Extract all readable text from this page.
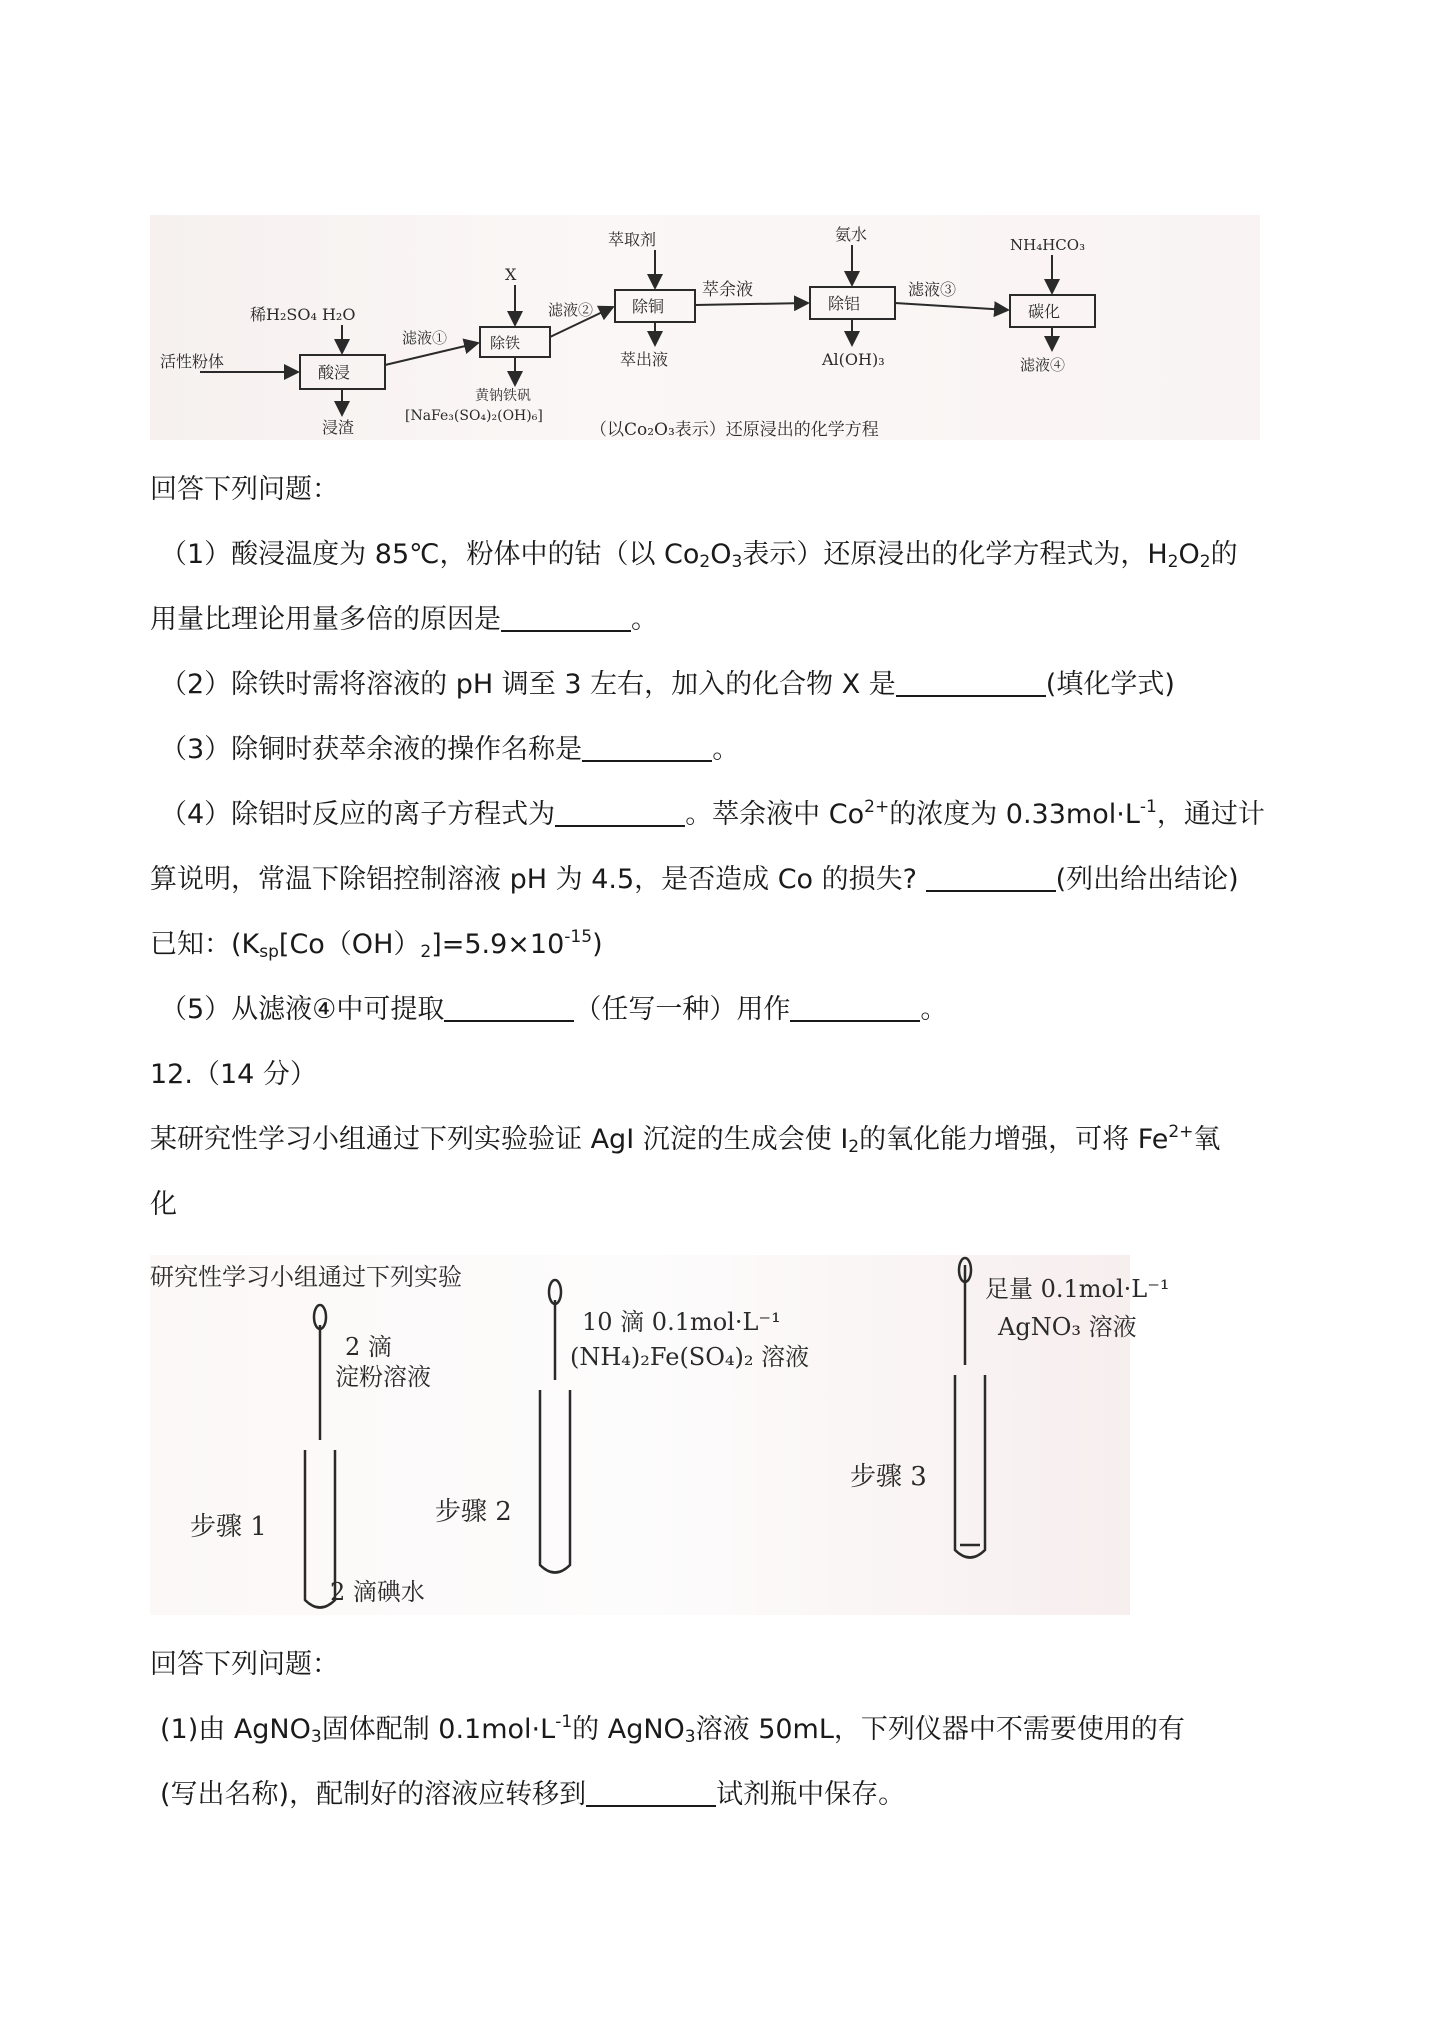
活性粉体
稀H₂SO₄ H₂O
酸浸
浸渣
滤液①
X
除铁
黄钠铁矾
[NaFe₃(SO₄)₂(OH)₆]
滤液②
萃取剂
除铜
萃余液
萃出液
氨水
除铝
Al(OH)₃
滤液③
NH₄HCO₃
碳化
滤液④
（以Co₂O₃表示）还原浸出的化学方程
回答下列问题：
（1）酸浸温度为 85℃，粉体中的钴（以 $Co_2O_3$表示）还原浸出的化学方程式为，$H_2O_2$的
用量比理论用量多倍的原因是	。
（2）除铁时需将溶液的 pH 调至 3 左右，加入的化合物 X 是	(填化学式)
（3）除铜时获萃余液的操作名称是	。
（4）除铝时反应的离子方程式为	。萃余液中 $Co^{2+}$的浓度为 $0.33mol\cdot L^{-1}$，通过计
算说明，常温下除铝控制溶液 pH 为 4.5，是否造成 Co 的损失?	(列出给出结论)
已知：$(K_{sp}[Co(OH)_2]=5.9\times 10^{-15})$
（5）从滤液④中可提取	（任写一种）用作	。
12.（14 分）
某研究性学习小组通过下列实验验证 AgI 沉淀的生成会使 $I_2$的氧化能力增强，可将 $Fe^{2+}$氧
化
研究性学习小组通过下列实验
2 滴
淀粉溶液
步骤 1
2 滴碘水
10 滴 0.1mol·L⁻¹
(NH₄)₂Fe(SO₄)₂ 溶液
步骤 2
足量 0.1mol·L⁻¹
AgNO₃ 溶液
步骤 3
回答下列问题：
(1)由 AgNO$_3$固体配制 $0.1mol\cdot L^{-1}$的 AgNO$_3$溶液 50mL，下列仪器中不需要使用的有
(写出名称)，配制好的溶液应转移到	试剂瓶中保存。
